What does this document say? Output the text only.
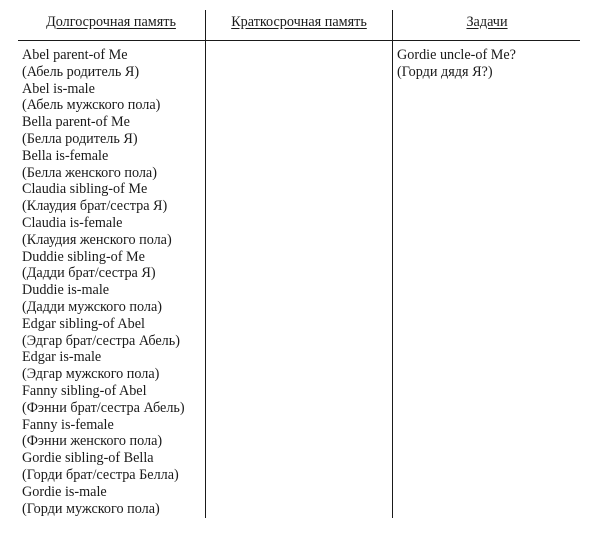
Долгосрочная память	Краткосрочная память	Задачи
Abel parent-of Me
(Абель родитель Я)
Abel is-male
(Абель мужского пола)
Bella parent-of Me
(Белла родитель Я)
Bella is-female
(Белла женского пола)
Claudia sibling-of Me
(Клаудия брат/сестра Я)
Claudia is-female
(Клаудия женского пола)
Duddie sibling-of Me
(Дадди брат/сестра Я)
Duddie is-male
(Дадди мужского пола)
Edgar sibling-of Abel
(Эдгар брат/сестра Абель)
Edgar is-male
(Эдгар мужского пола)
Fanny sibling-of Abel
(Фэнни брат/сестра Абель)
Fanny is-female
(Фэнни женского пола)
Gordie sibling-of Bella
(Горди брат/сестра Белла)
Gordie is-male
(Горди мужского пола)
Gordie uncle-of Me?
(Горди дядя Я?)
